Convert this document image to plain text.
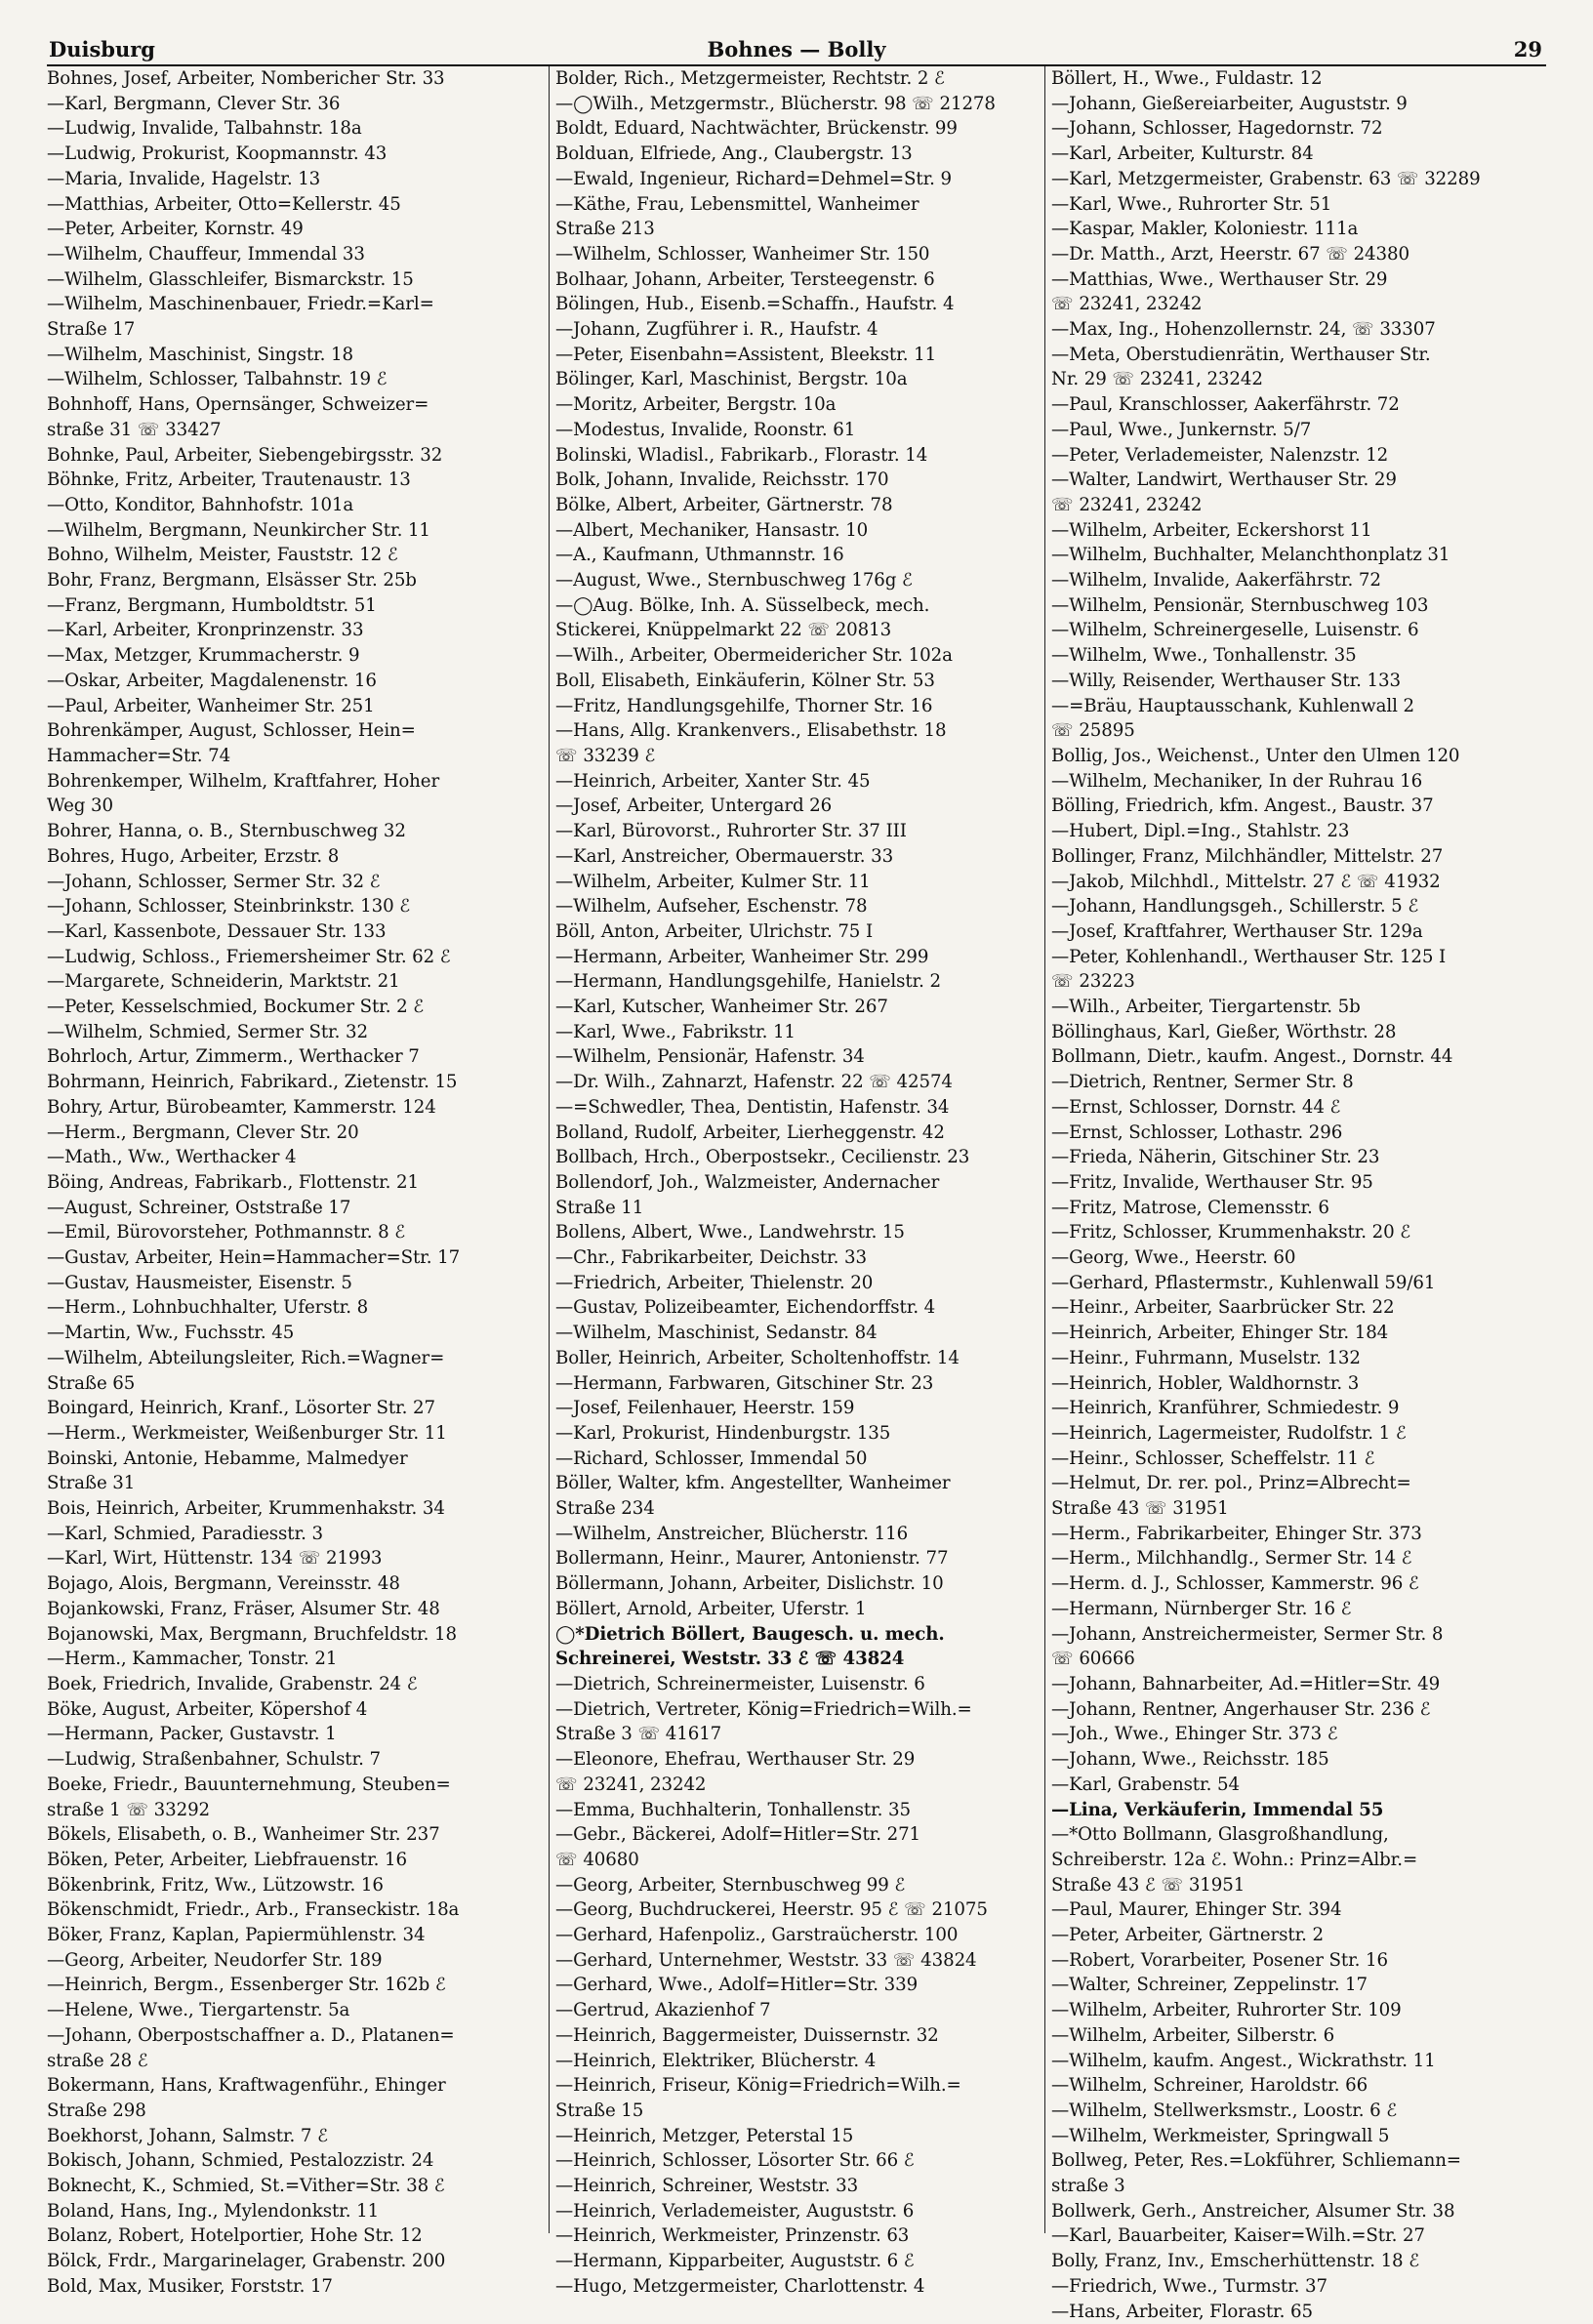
Duisburg	Bohnes — Bolly	29
Bohnes, Josef, Arbeiter, Nomberichег Str. 33
—Karl, Bergmann, Clever Str. 36
—Ludwig, Invalide, Talbahnstr. 18a
—Ludwig, Prokurist, Koopmannstr. 43
—Maria, Invalide, Hagelstr. 13
—Matthias, Arbeiter, Otto=Kellerstr. 45
—Peter, Arbeiter, Kornstr. 49
—Wilhelm, Chauffeur, Immendal 33
—Wilhelm, Glasschleifer, Bismarckstr. 15
—Wilhelm, Maschinenbauer, Friedr.=Karl=
Straße 17
—Wilhelm, Maschinist, Singstr. 18
—Wilhelm, Schlosser, Talbahnstr. 19 ℰ
Bohnhoff, Hans, Opernsänger, Schweizer=
straße 31 ☏ 33427
Bohnke, Paul, Arbeiter, Siebengebirgsstr. 32
Böhnke, Fritz, Arbeiter, Trautenaustr. 13
—Otto, Konditor, Bahnhofstr. 101a
—Wilhelm, Bergmann, Neunkircher Str. 11
Bohno, Wilhelm, Meister, Fauststr. 12 ℰ
Bohr, Franz, Bergmann, Elsässer Str. 25b
—Franz, Bergmann, Humboldtstr. 51
—Karl, Arbeiter, Kronprinzenstr. 33
—Max, Metzger, Krummacherstr. 9
—Oskar, Arbeiter, Magdalenenstr. 16
—Paul, Arbeiter, Wanheimer Str. 251
Bohrenkämper, August, Schlosser, Hein=
Hammacher=Str. 74
Bohrenkemper, Wilhelm, Kraftfahrer, Hoher
Weg 30
Bohrer, Hanna, o. B., Sternbuschweg 32
Bohres, Hugo, Arbeiter, Erzstr. 8
—Johann, Schlosser, Sermer Str. 32 ℰ
—Johann, Schlosser, Steinbrinkstr. 130 ℰ
—Karl, Kassenbote, Dessauer Str. 133
—Ludwig, Schloss., Friemersheimer Str. 62 ℰ
—Margarete, Schneiderin, Marktstr. 21
—Peter, Kesselschmied, Bockumer Str. 2 ℰ
—Wilhelm, Schmied, Sermer Str. 32
Bohrloch, Artur, Zimmerm., Werthacker 7
Bohrmann, Heinrich, Fabrikard., Zietenstr. 15
Bohry, Artur, Bürobeamter, Kammerstr. 124
—Herm., Bergmann, Clever Str. 20
—Math., Ww., Werthacker 4
Böing, Andreas, Fabrikarb., Flottenstr. 21
—August, Schreiner, Oststraße 17
—Emil, Bürovorsteher, Pothmannstr. 8 ℰ
—Gustav, Arbeiter, Hein=Hammacher=Str. 17
—Gustav, Hausmeister, Eisenstr. 5
—Herm., Lohnbuchhalter, Uferstr. 8
—Martin, Ww., Fuchsstr. 45
—Wilhelm, Abteilungsleiter, Rich.=Wagner=
Straße 65
Boingard, Heinrich, Kranf., Lösorter Str. 27
—Herm., Werkmeister, Weißenburger Str. 11
Boinski, Antonie, Hebamme, Malmedyer
Straße 31
Bois, Heinrich, Arbeiter, Krummenhakstr. 34
—Karl, Schmied, Paradiesstr. 3
—Karl, Wirt, Hüttenstr. 134 ☏ 21993
Bojago, Alois, Bergmann, Vereinsstr. 48
Bojankowski, Franz, Fräser, Alsumer Str. 48
Bojanowski, Max, Bergmann, Bruchfeldstr. 18
—Herm., Kammacher, Tonstr. 21
Boek, Friedrich, Invalide, Grabenstr. 24 ℰ
Böke, August, Arbeiter, Köpershof 4
—Hermann, Packer, Gustavstr. 1
—Ludwig, Straßenbahner, Schulstr. 7
Boeke, Friedr., Bauunternehmung, Steuben=
straße 1 ☏ 33292
Bökels, Elisabeth, o. B., Wanheimer Str. 237
Böken, Peter, Arbeiter, Liebfrauenstr. 16
Bökenbrink, Fritz, Ww., Lützowstr. 16
Bökenschmidt, Friedr., Arb., Franseckistr. 18a
Böker, Franz, Kaplan, Papiermühlenstr. 34
—Georg, Arbeiter, Neudorfer Str. 189
—Heinrich, Bergm., Essenberger Str. 162b ℰ
—Helene, Wwe., Tiergartenstr. 5a
—Johann, Oberpostschaffner a. D., Platanen=
straße 28 ℰ
Bokermann, Hans, Kraftwagenführ., Ehinger
Straße 298
Boekhorst, Johann, Salmstr. 7 ℰ
Bokisch, Johann, Schmied, Pestalozzistr. 24
Boknecht, K., Schmied, St.=Vither=Str. 38 ℰ
Boland, Hans, Ing., Mylendonkstr. 11
Bolanz, Robert, Hotelportier, Hohe Str. 12
Bölck, Frdr., Margarinelager, Grabenstr. 200
Bold, Max, Musiker, Forststr. 17
Bolder, Rich., Metzgermeister, Rechtstr. 2 ℰ
—◯Wilh., Metzgermstr., Blücherstr. 98 ☏ 21278
Boldt, Eduard, Nachtwächter, Brückenstr. 99
Bolduan, Elfriede, Ang., Claubergstr. 13
—Ewald, Ingenieur, Richard=Dehmel=Str. 9
—Käthe, Frau, Lebensmittel, Wanheimer
Straße 213
—Wilhelm, Schlosser, Wanheimer Str. 150
Bolhaar, Johann, Arbeiter, Tersteegenstr. 6
Bölingen, Hub., Eisenb.=Schaffn., Haufstr. 4
—Johann, Zugführer i. R., Haufstr. 4
—Peter, Eisenbahn=Assistent, Bleekstr. 11
Bölinger, Karl, Maschinist, Bergstr. 10a
—Moritz, Arbeiter, Bergstr. 10a
—Modestus, Invalide, Roonstr. 61
Bolinski, Wladisl., Fabrikarb., Florastr. 14
Bolk, Johann, Invalide, Reichsstr. 170
Bölke, Albert, Arbeiter, Gärtnerstr. 78
—Albert, Mechaniker, Hansastr. 10
—A., Kaufmann, Uthmannstr. 16
—August, Wwe., Sternbuschweg 176g ℰ
—◯Aug. Bölke, Inh. A. Süsselbeck, mech.
Stickerei, Knüppelmarkt 22 ☏ 20813
—Wilh., Arbeiter, Obermeidericher Str. 102a
Boll, Elisabeth, Einkäuferin, Kölner Str. 53
—Fritz, Handlungsgehilfe, Thorner Str. 16
—Hans, Allg. Krankenvers., Elisabethstr. 18
☏ 33239 ℰ
—Heinrich, Arbeiter, Xanter Str. 45
—Josef, Arbeiter, Untergard 26
—Karl, Bürovorst., Ruhrorter Str. 37 III
—Karl, Anstreicher, Obermauerstr. 33
—Wilhelm, Arbeiter, Kulmer Str. 11
—Wilhelm, Aufseher, Eschenstr. 78
Böll, Anton, Arbeiter, Ulrichstr. 75 I
—Hermann, Arbeiter, Wanheimer Str. 299
—Hermann, Handlungsgehilfe, Hanielstr. 2
—Karl, Kutscher, Wanheimer Str. 267
—Karl, Wwe., Fabrikstr. 11
—Wilhelm, Pensionär, Hafenstr. 34
—Dr. Wilh., Zahnarzt, Hafenstr. 22 ☏ 42574
—=Schwedler, Thea, Dentistin, Hafenstr. 34
Bolland, Rudolf, Arbeiter, Lierheggenstr. 42
Bollbach, Hrch., Oberpostsekr., Cecilienstr. 23
Bollendorf, Joh., Walzmeister, Andernacher
Straße 11
Bollens, Albert, Wwe., Landwehrstr. 15
—Chr., Fabrikarbeiter, Deichstr. 33
—Friedrich, Arbeiter, Thielenstr. 20
—Gustav, Polizeibeamter, Eichendorffstr. 4
—Wilhelm, Maschinist, Sedanstr. 84
Boller, Heinrich, Arbeiter, Scholtenhoffstr. 14
—Hermann, Farbwaren, Gitschiner Str. 23
—Josef, Feilenhauer, Heerstr. 159
—Karl, Prokurist, Hindenburgstr. 135
—Richard, Schlosser, Immendal 50
Böller, Walter, kfm. Angestellter, Wanheimer
Straße 234
—Wilhelm, Anstreicher, Blücherstr. 116
Bollermann, Heinr., Maurer, Antonienstr. 77
Böllermann, Johann, Arbeiter, Dislichstr. 10
Böllert, Arnold, Arbeiter, Uferstr. 1
◯*Dietrich Böllert, Baugesch. u. mech.
Schreinerei, Weststr. 33 ℰ ☏ 43824
—Dietrich, Schreinermeister, Luisenstr. 6
—Dietrich, Vertreter, König=Friedrich=Wilh.=
Straße 3 ☏ 41617
—Eleonore, Ehefrau, Werthauser Str. 29
☏ 23241, 23242
—Emma, Buchhalterin, Tonhallenstr. 35
—Gebr., Bäckerei, Adolf=Hitler=Str. 271
☏ 40680
—Georg, Arbeiter, Sternbuschweg 99 ℰ
—Georg, Buchdruckerei, Heerstr. 95 ℰ ☏ 21075
—Gerhard, Hafenpoliz., Garstraücherstr. 100
—Gerhard, Unternehmer, Weststr. 33 ☏ 43824
—Gerhard, Wwe., Adolf=Hitler=Str. 339
—Gertrud, Akazienhof 7
—Heinrich, Baggermeister, Duissernstr. 32
—Heinrich, Elektriker, Blücherstr. 4
—Heinrich, Friseur, König=Friedrich=Wilh.=
Straße 15
—Heinrich, Metzger, Peterstal 15
—Heinrich, Schlosser, Lösorter Str. 66 ℰ
—Heinrich, Schreiner, Weststr. 33
—Heinrich, Verlademeister, Auguststr. 6
—Heinrich, Werkmeister, Prinzenstr. 63
—Hermann, Kipparbeiter, Auguststr. 6 ℰ
—Hugo, Metzgermeister, Charlottenstr. 4
Böllert, H., Wwe., Fuldastr. 12
—Johann, Gießereiarbeiter, Auguststr. 9
—Johann, Schlosser, Hagedornstr. 72
—Karl, Arbeiter, Kulturstr. 84
—Karl, Metzgermeister, Grabenstr. 63 ☏ 32289
—Karl, Wwe., Ruhrorter Str. 51
—Kaspar, Makler, Koloniestr. 111a
—Dr. Matth., Arzt, Heerstr. 67 ☏ 24380
—Matthias, Wwe., Werthauser Str. 29
☏ 23241, 23242
—Max, Ing., Hohenzollernstr. 24, ☏ 33307
—Meta, Oberstudienrätin, Werthauser Str.
Nr. 29 ☏ 23241, 23242
—Paul, Kranschlosser, Aakerfährstr. 72
—Paul, Wwe., Junkernstr. 5/7
—Peter, Verlademeister, Nalenzstr. 12
—Walter, Landwirt, Werthauser Str. 29
☏ 23241, 23242
—Wilhelm, Arbeiter, Eckershorst 11
—Wilhelm, Buchhalter, Melanchthonplatz 31
—Wilhelm, Invalide, Aakerfährstr. 72
—Wilhelm, Pensionär, Sternbuschweg 103
—Wilhelm, Schreinergeselle, Luisenstr. 6
—Wilhelm, Wwe., Tonhallenstr. 35
—Willy, Reisender, Werthauser Str. 133
—=Bräu, Hauptausschank, Kuhlenwall 2
☏ 25895
Bollig, Jos., Weichenst., Unter den Ulmen 120
—Wilhelm, Mechaniker, In der Ruhrau 16
Bölling, Friedrich, kfm. Angest., Baustr. 37
—Hubert, Dipl.=Ing., Stahlstr. 23
Bollinger, Franz, Milchhändler, Mittelstr. 27
—Jakob, Milchhdl., Mittelstr. 27 ℰ ☏ 41932
—Johann, Handlungsgeh., Schillerstr. 5 ℰ
—Josef, Kraftfahrer, Werthauser Str. 129a
—Peter, Kohlenhandl., Werthauser Str. 125 I
☏ 23223
—Wilh., Arbeiter, Tiergartenstr. 5b
Böllinghaus, Karl, Gießer, Wörthstr. 28
Bollmann, Dietr., kaufm. Angest., Dornstr. 44
—Dietrich, Rentner, Sermer Str. 8
—Ernst, Schlosser, Dornstr. 44 ℰ
—Ernst, Schlosser, Lothastr. 296
—Frieda, Näherin, Gitschiner Str. 23
—Fritz, Invalide, Werthauser Str. 95
—Fritz, Matrose, Clemensstr. 6
—Fritz, Schlosser, Krummenhakstr. 20 ℰ
—Georg, Wwe., Heerstr. 60
—Gerhard, Pflastermstr., Kuhlenwall 59/61
—Heinr., Arbeiter, Saarbrücker Str. 22
—Heinrich, Arbeiter, Ehinger Str. 184
—Heinr., Fuhrmann, Muselstr. 132
—Heinrich, Hobler, Waldhornstr. 3
—Heinrich, Kranführer, Schmiedestr. 9
—Heinrich, Lagermeister, Rudolfstr. 1 ℰ
—Heinr., Schlosser, Scheffelstr. 11 ℰ
—Helmut, Dr. rer. pol., Prinz=Albrecht=
Straße 43 ☏ 31951
—Herm., Fabrikarbeiter, Ehinger Str. 373
—Herm., Milchhandlg., Sermer Str. 14 ℰ
—Herm. d. J., Schlosser, Kammerstr. 96 ℰ
—Hermann, Nürnberger Str. 16 ℰ
—Johann, Anstreichermeister, Sermer Str. 8
☏ 60666
—Johann, Bahnarbeiter, Ad.=Hitler=Str. 49
—Johann, Rentner, Angerhauser Str. 236 ℰ
—Joh., Wwe., Ehinger Str. 373 ℰ
—Johann, Wwe., Reichsstr. 185
—Karl, Grabenstr. 54
—Lina, Verkäuferin, Immendal 55
—*Otto Bollmann, Glasgroßhandlung,
Schreiberstr. 12a ℰ. Wohn.: Prinz=Albr.=
Straße 43 ℰ ☏ 31951
—Paul, Maurer, Ehinger Str. 394
—Peter, Arbeiter, Gärtnerstr. 2
—Robert, Vorarbeiter, Posener Str. 16
—Walter, Schreiner, Zeppelinstr. 17
—Wilhelm, Arbeiter, Ruhrorter Str. 109
—Wilhelm, Arbeiter, Silberstr. 6
—Wilhelm, kaufm. Angest., Wickrathstr. 11
—Wilhelm, Schreiner, Haroldstr. 66
—Wilhelm, Stellwerksmstr., Loostr. 6 ℰ
—Wilhelm, Werkmeister, Springwall 5
Bollweg, Peter, Res.=Lokführer, Schliemann=
straße 3
Bollwerk, Gerh., Anstreicher, Alsumer Str. 38
—Karl, Bauarbeiter, Kaiser=Wilh.=Str. 27
Bolly, Franz, Inv., Emscherhüttenstr. 18 ℰ
—Friedrich, Wwe., Turmstr. 37
—Hans, Arbeiter, Florastr. 65
